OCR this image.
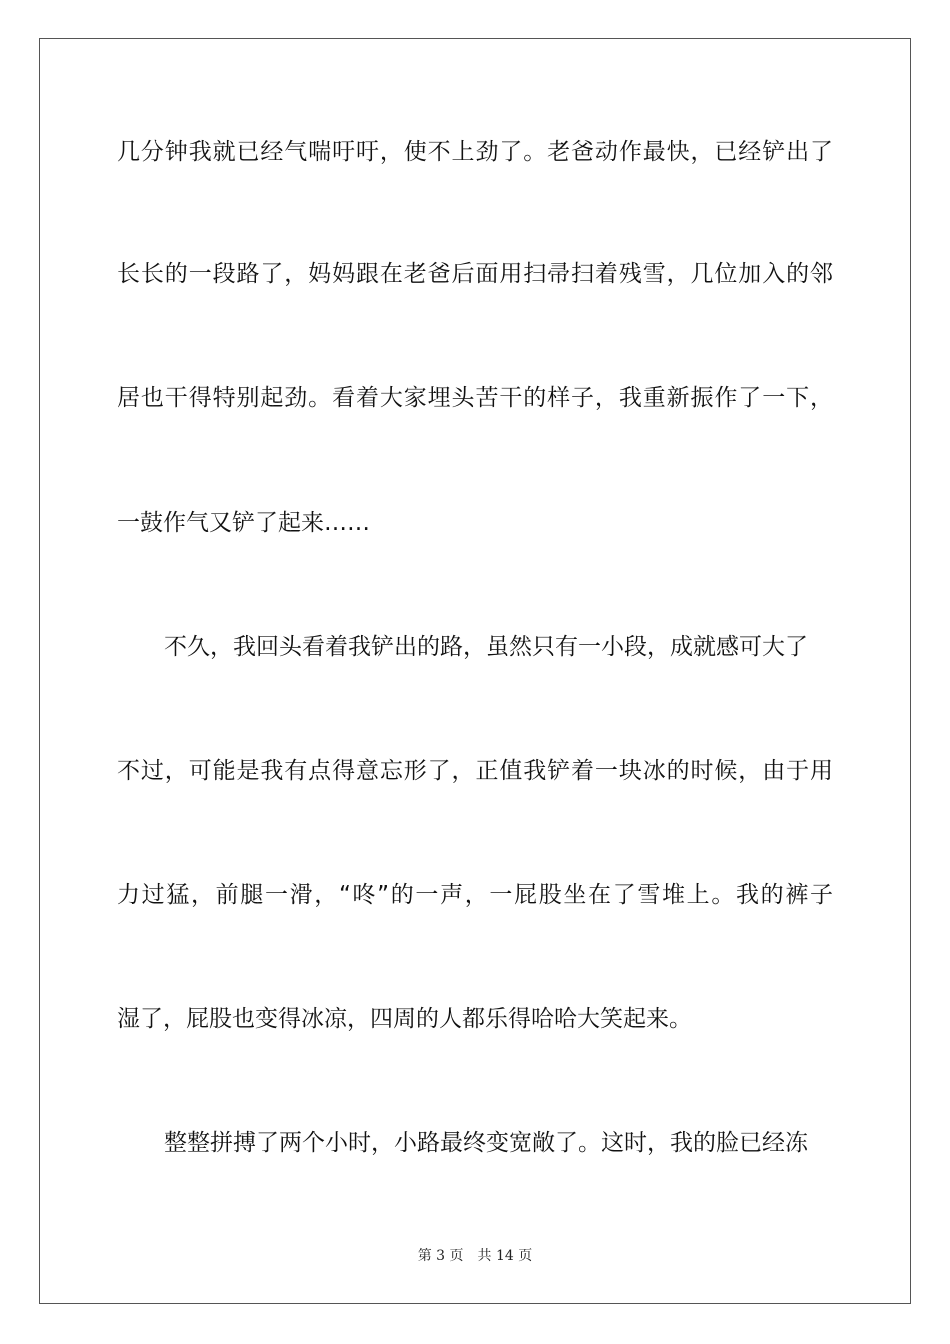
几分钟我就已经气喘吁吁，使不上劲了。老爸动作最快，已经铲出了

长长的一段路了，妈妈跟在老爸后面用扫帚扫着残雪，几位加入的邻

居也干得特别起劲。看着大家埋头苦干的样子，我重新振作了一下，

一鼓作气又铲了起来……

不久，我回头看着我铲出的路，虽然只有一小段，成就感可大了

不过，可能是我有点得意忘形了，正值我铲着一块冰的时候，由于用

力过猛，前腿一滑，“咚”的一声，一屁股坐在了雪堆上。我的裤子

湿了，屁股也变得冰凉，四周的人都乐得哈哈大笑起来。

整整拼搏了两个小时，小路最终变宽敞了。这时，我的脸已经冻

第 3 页 共 14 页
